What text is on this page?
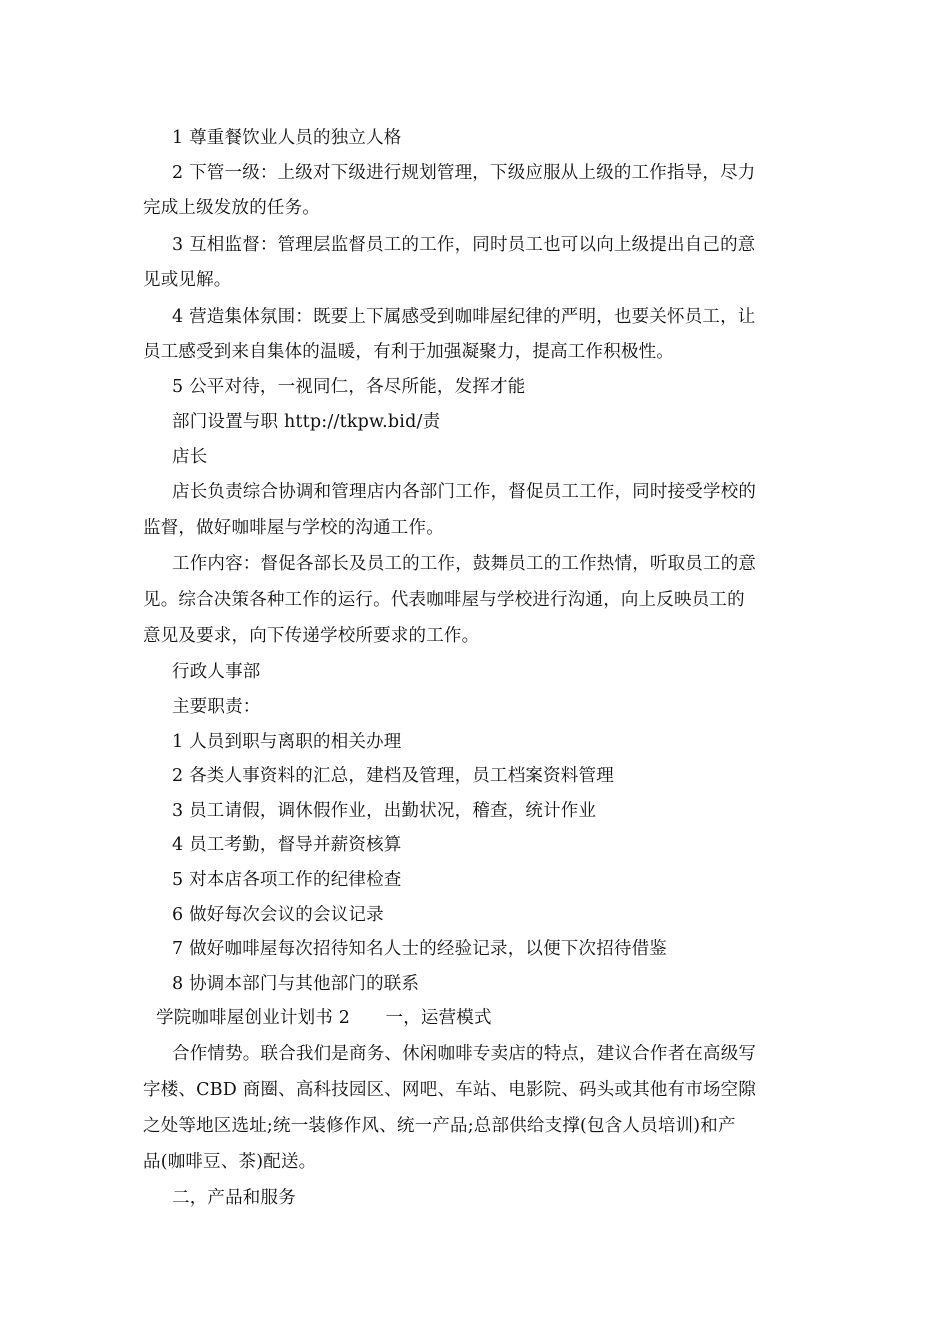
1 尊重餐饮业人员的独立人格
2 下管一级：上级对下级进行规划管理，下级应服从上级的工作指导，尽力
完成上级发放的任务。
3 互相监督：管理层监督员工的工作，同时员工也可以向上级提出自己的意
见或见解。
4 营造集体氛围：既要上下属感受到咖啡屋纪律的严明，也要关怀员工，让
员工感受到来自集体的温暖，有利于加强凝聚力，提高工作积极性。
5 公平对待，一视同仁，各尽所能，发挥才能
部门设置与职 http://tkpw.bid/责
店长
店长负责综合协调和管理店内各部门工作，督促员工工作，同时接受学校的
监督，做好咖啡屋与学校的沟通工作。
工作内容：督促各部长及员工的工作，鼓舞员工的工作热情，听取员工的意
见。综合决策各种工作的运行。代表咖啡屋与学校进行沟通，向上反映员工的
意见及要求，向下传递学校所要求的工作。
行政人事部
主要职责：
1 人员到职与离职的相关办理
2 各类人事资料的汇总，建档及管理，员工档案资料管理
3 员工请假，调休假作业，出勤状况，稽查，统计作业
4 员工考勤，督导并薪资核算
5 对本店各项工作的纪律检查
6 做好每次会议的会议记录
7 做好咖啡屋每次招待知名人士的经验记录，以便下次招待借鉴
8 协调本部门与其他部门的联系
学院咖啡屋创业计划书 2　　一，运营模式
合作情势。联合我们是商务、休闲咖啡专卖店的特点，建议合作者在高级写
字楼、CBD 商圈、高科技园区、网吧、车站、电影院、码头或其他有市场空隙
之处等地区选址;统一装修作风、统一产品;总部供给支撑(包含人员培训)和产
品(咖啡豆、茶)配送。
二，产品和服务
